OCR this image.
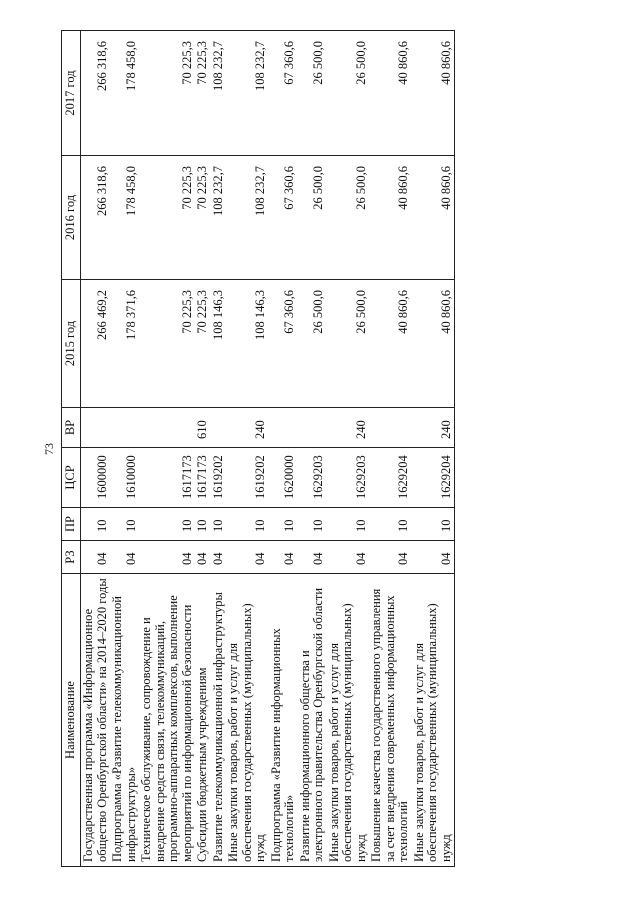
73
Наименование	РЗ	ПР	ЦСР	ВР	2015 год	2016 год	2017 год
Государственная программа «Информационное общество Оренбургской области» на 2014–2020 годы	04	10	1600000		266 469,2	266 318,6	266 318,6
Подпрограмма «Развитие телекоммуникационной инфраструктуры»	04	10	1610000		178 371,6	178 458,0	178 458,0
Техническое обслуживание, сопровождение и внедрение средств связи, телекоммуникаций, программно-аппаратных комплексов, выполнение мероприятий по информационной безопасности	04	10	1617173		70 225,3	70 225,3	70 225,3
Субсидии бюджетным учреждениям	04	10	1617173	610	70 225,3	70 225,3	70 225,3
Развитие телекоммуникационной инфраструктуры	04	10	1619202		108 146,3	108 232,7	108 232,7
Иные закупки товаров, работ и услуг для обеспечения государственных (муниципальных) нужд	04	10	1619202	240	108 146,3	108 232,7	108 232,7
Подпрограмма «Развитие информационных технологий»	04	10	1620000		67 360,6	67 360,6	67 360,6
Развитие информационного общества и электронного правительства Оренбургской области	04	10	1629203		26 500,0	26 500,0	26 500,0
Иные закупки товаров, работ и услуг для обеспечения государственных (муниципальных) нужд	04	10	1629203	240	26 500,0	26 500,0	26 500,0
Повышение качества государственного управления за счет внедрения современных информационных технологий	04	10	1629204		40 860,6	40 860,6	40 860,6
Иные закупки товаров, работ и услуг для обеспечения государственных (муниципальных) нужд	04	10	1629204	240	40 860,6	40 860,6	40 860,6
